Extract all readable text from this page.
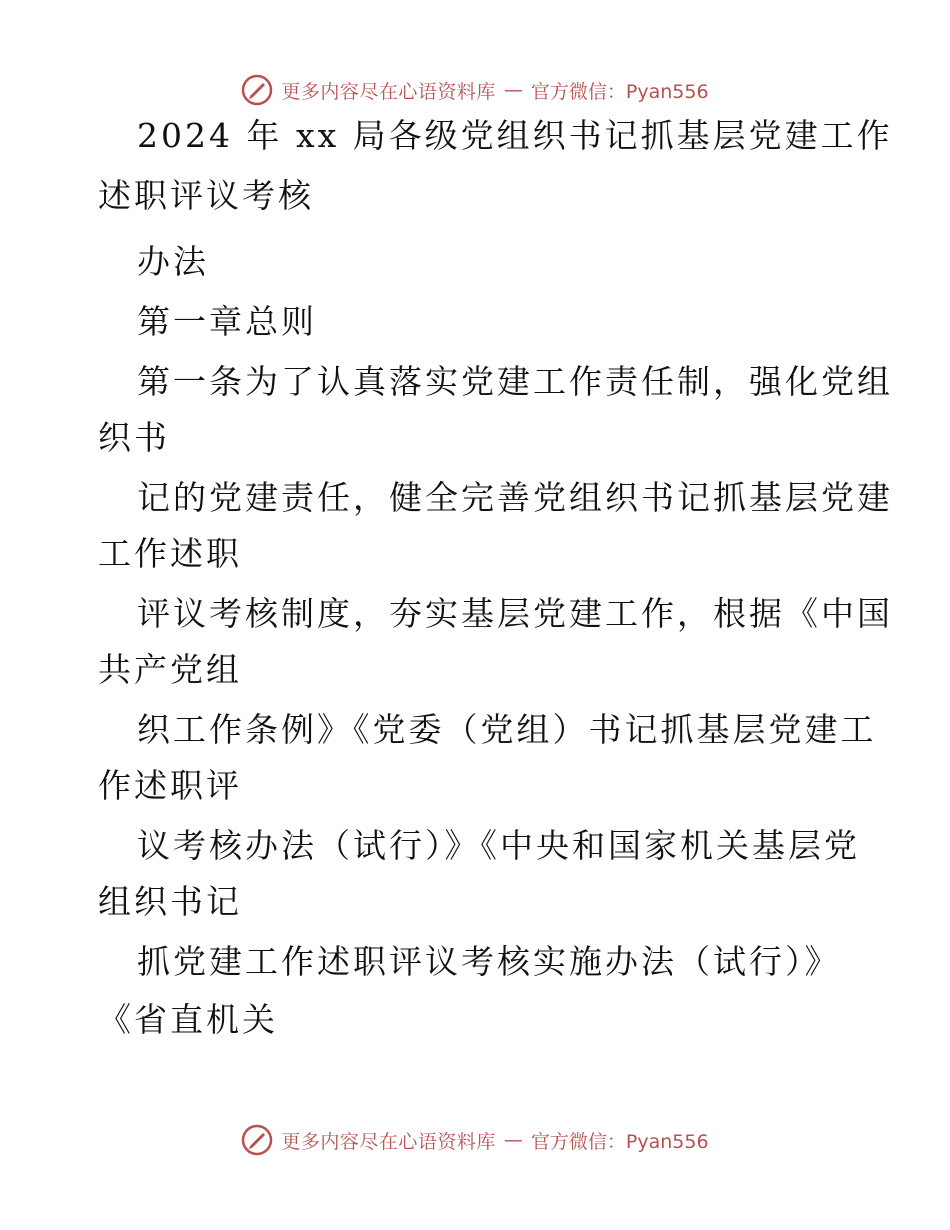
更多内容尽在心语资料库 — 官方微信：Pyan556
2024 年 xx 局各级党组织书记抓基层党建工作
述职评议考核
办法
第一章总则
第一条为了认真落实党建工作责任制，强化党组
织书
记的党建责任，健全完善党组织书记抓基层党建
工作述职
评议考核制度，夯实基层党建工作，根据《中国
共产党组
织工作条例》《党委（党组）书记抓基层党建工
作述职评
议考核办法（试行）》《中央和国家机关基层党
组织书记
抓党建工作述职评议考核实施办法（试行）》
《省直机关
更多内容尽在心语资料库 — 官方微信：Pyan556
